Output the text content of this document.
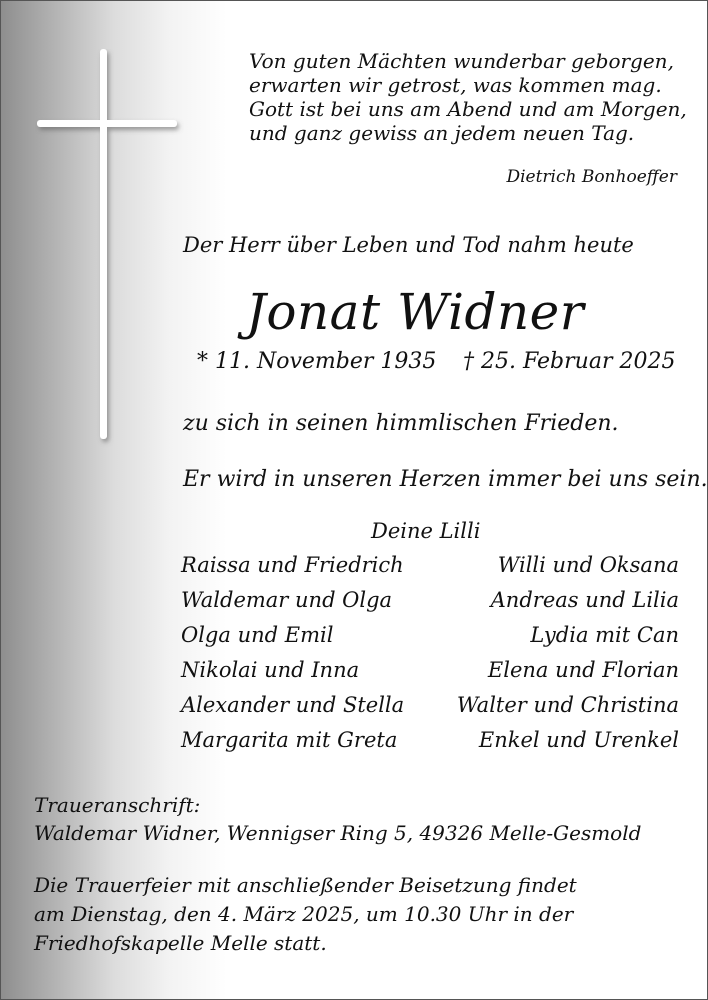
Von guten Mächten wunderbar geborgen,
erwarten wir getrost, was kommen mag.
Gott ist bei uns am Abend und am Morgen,
und ganz gewiss an jedem neuen Tag.
Dietrich Bonhoeffer
Der Herr über Leben und Tod nahm heute
Jonat Widner
* 11. November 1935 † 25. Februar 2025
zu sich in seinen himmlischen Frieden.
Er wird in unseren Herzen immer bei uns sein.
Deine Lilli
Raissa und Friedrich	Willi und Oksana
Waldemar und Olga	Andreas und Lilia
Olga und Emil	Lydia mit Can
Nikolai und Inna	Elena und Florian
Alexander und Stella	Walter und Christina
Margarita mit Greta	Enkel und Urenkel
Traueranschrift:
Waldemar Widner, Wennigser Ring 5, 49326 Melle-Gesmold
Die Trauerfeier mit anschließender Beisetzung findet
am Dienstag, den 4. März 2025, um 10.30 Uhr in der
Friedhofskapelle Melle statt.
